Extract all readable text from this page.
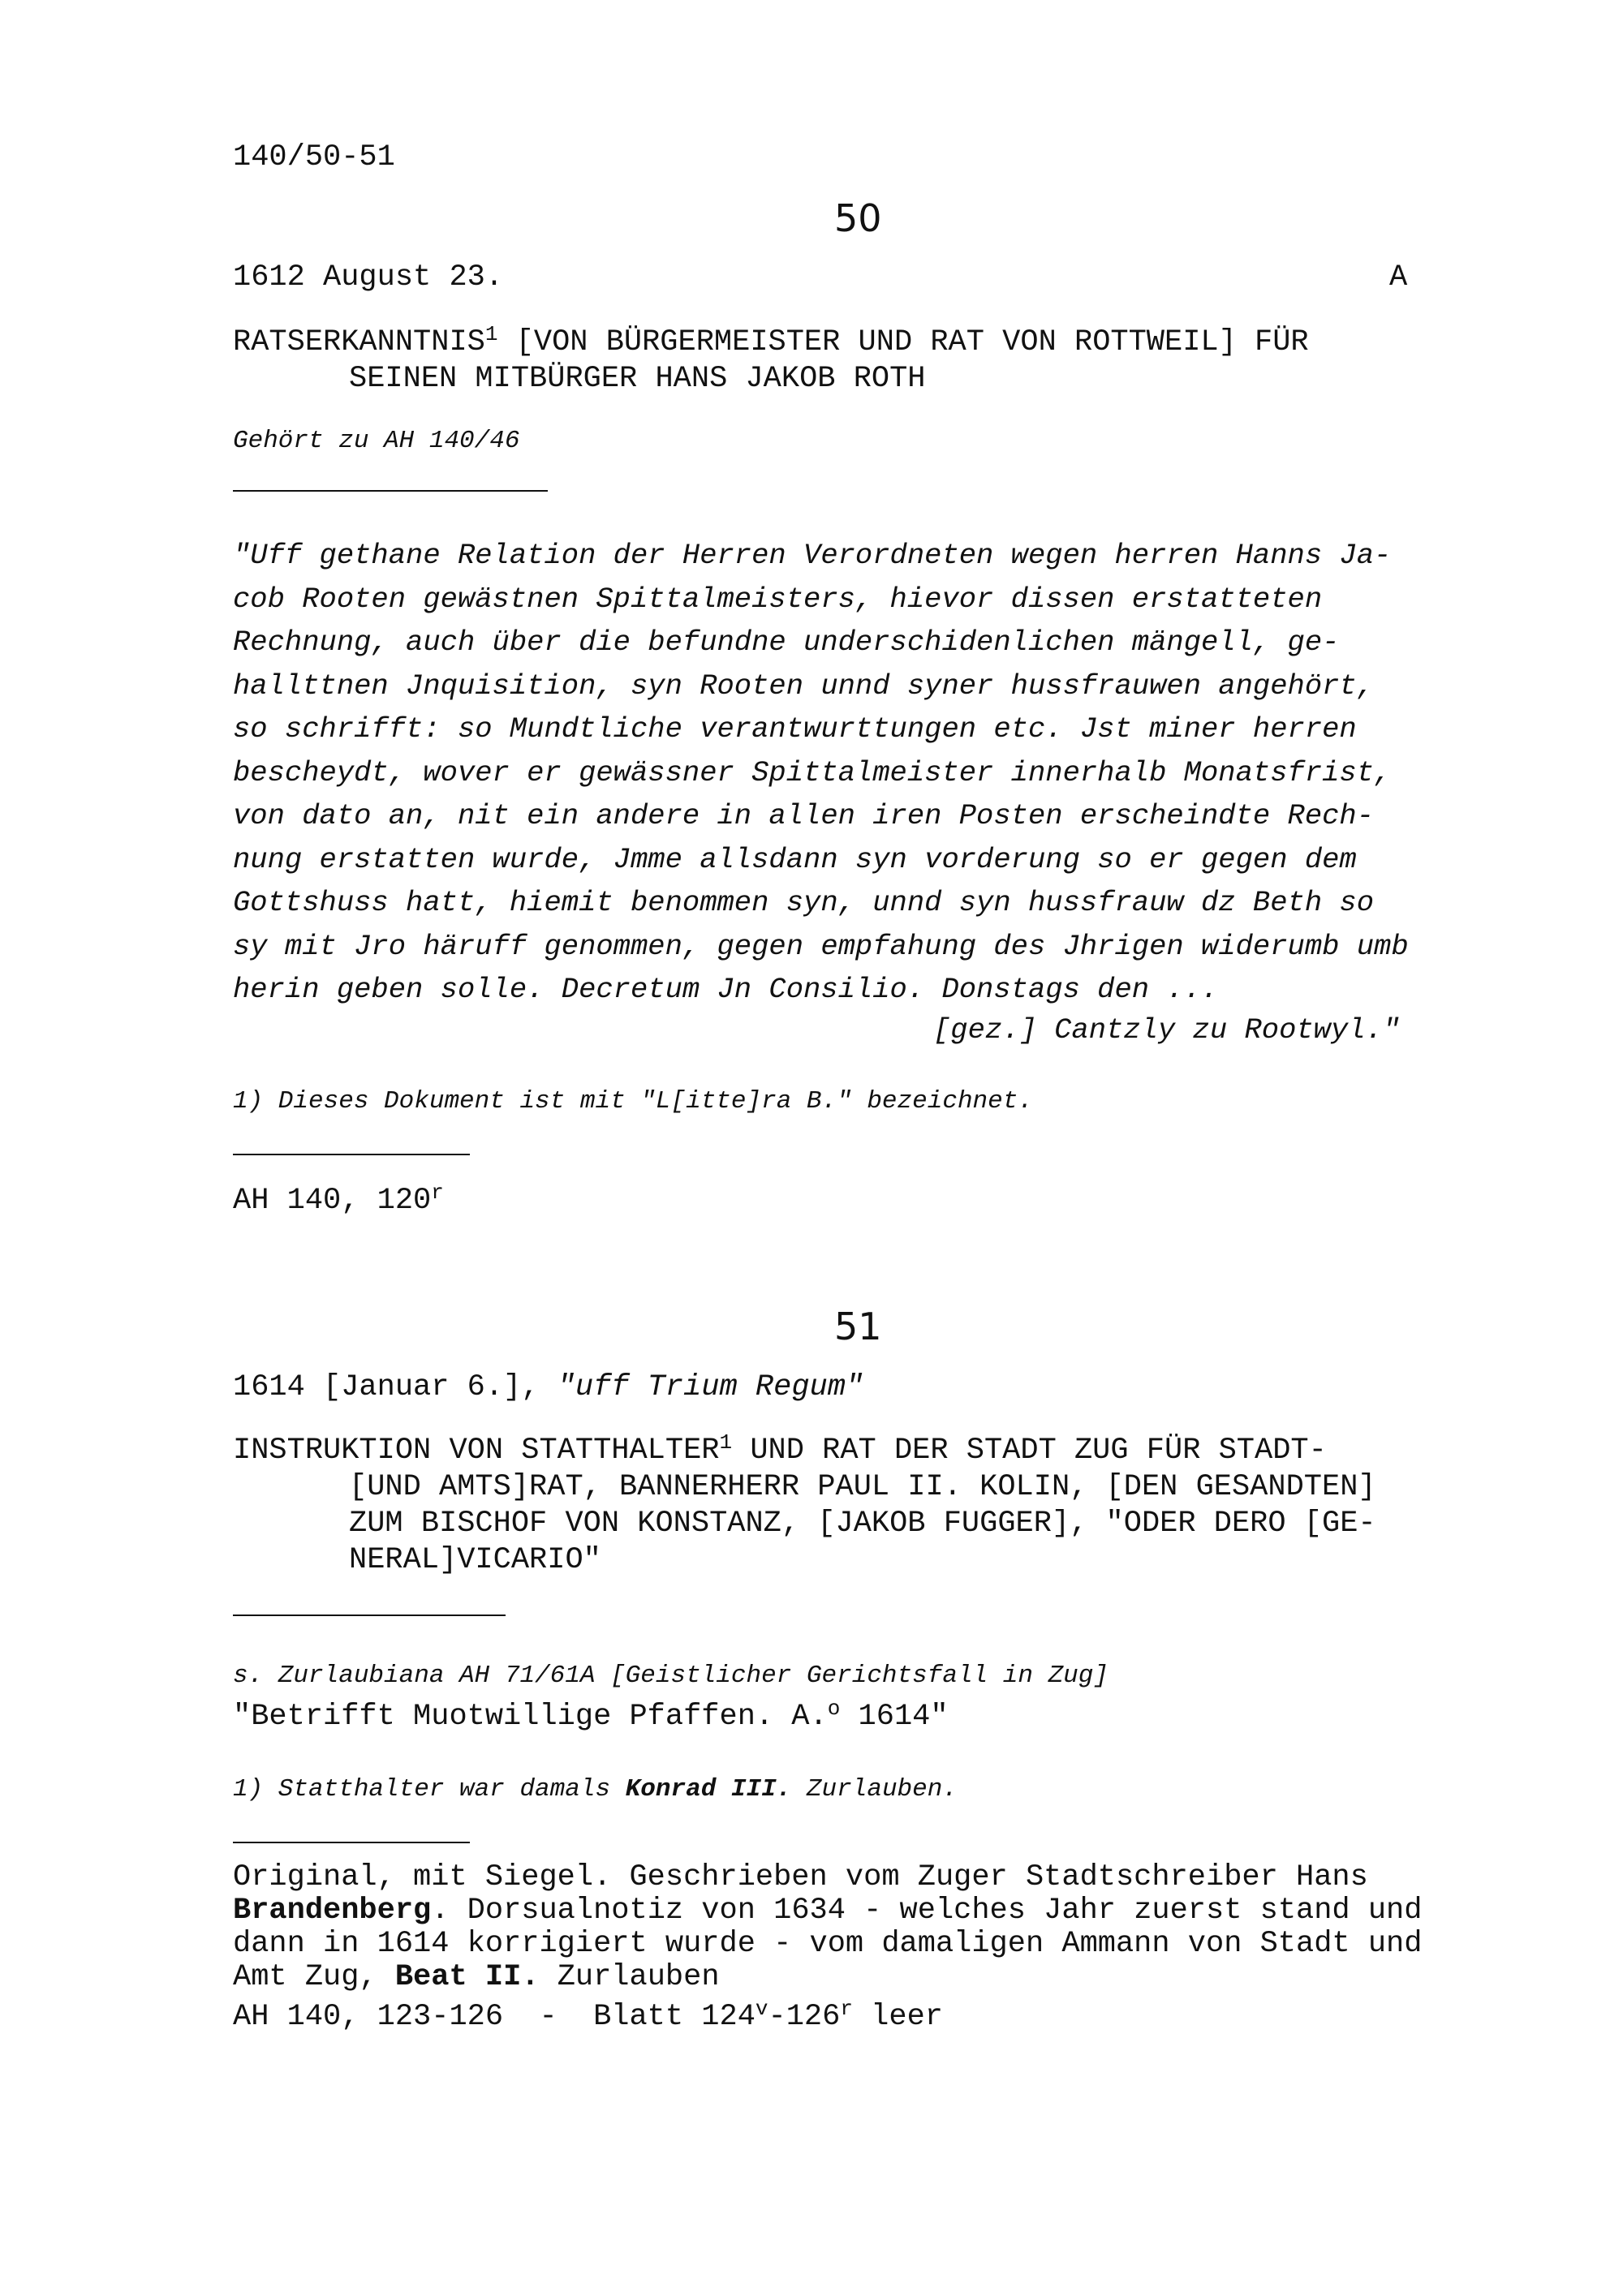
140/50-51
50
1612 August 23.	A
RATSERKANNTNIS$^1$ [VON BÜRGERMEISTER UND RAT VON ROTTWEIL] FÜR
SEINEN MITBÜRGER HANS JAKOB ROTH
Gehört zu AH 140/46
"Uff gethane Relation der Herren Verordneten wegen herren Hanns Ja-
cob Rooten gewästnen Spittalmeisters, hievor dissen erstatteten
Rechnung, auch über die befundne underschidenlichen mängell, ge-
hallttnen Jnquisition, syn Rooten unnd syner hussfrauwen angehört,
so schrifft: so Mundtliche verantwurttungen etc. Jst miner herren
bescheydt, wover er gewässner Spittalmeister innerhalb Monatsfrist,
von dato an, nit ein andere in allen iren Posten erscheindte Rech-
nung erstatten wurde, Jmme allsdann syn vorderung so er gegen dem
Gottshuss hatt, hiemit benommen syn, unnd syn hussfrauw dz Beth so
sy mit Jro häruff genommen, gegen empfahung des Jhrigen widerumb umb
herin geben solle. Decretum Jn Consilio. Donstags den ...
[gez.] Cantzly zu Rootwyl."
1) Dieses Dokument ist mit "L[itte]ra B." bezeichnet.
AH 140, 120$^r$
51
1614 [Januar 6.], "uff Trium Regum"
INSTRUKTION VON STATTHALTER$^1$ UND RAT DER STADT ZUG FÜR STADT-
[UND AMTS]RAT, BANNERHERR PAUL II. KOLIN, [DEN GESANDTEN]
ZUM BISCHOF VON KONSTANZ, [JAKOB FUGGER], "ODER DERO [GE-
NERAL]VICARIO"
s. Zurlaubiana AH 71/61A [Geistlicher Gerichtsfall in Zug]
"Betrifft Muotwillige Pfaffen. A.$^o$ 1614"
1) Statthalter war damals Konrad III. Zurlauben.
Original, mit Siegel. Geschrieben vom Zuger Stadtschreiber Hans
Brandenberg. Dorsualnotiz von 1634 - welches Jahr zuerst stand und
dann in 1614 korrigiert wurde - vom damaligen Ammann von Stadt und
Amt Zug, Beat II. Zurlauben
AH 140, 123-126  -  Blatt 124$^v$-126$^r$ leer
